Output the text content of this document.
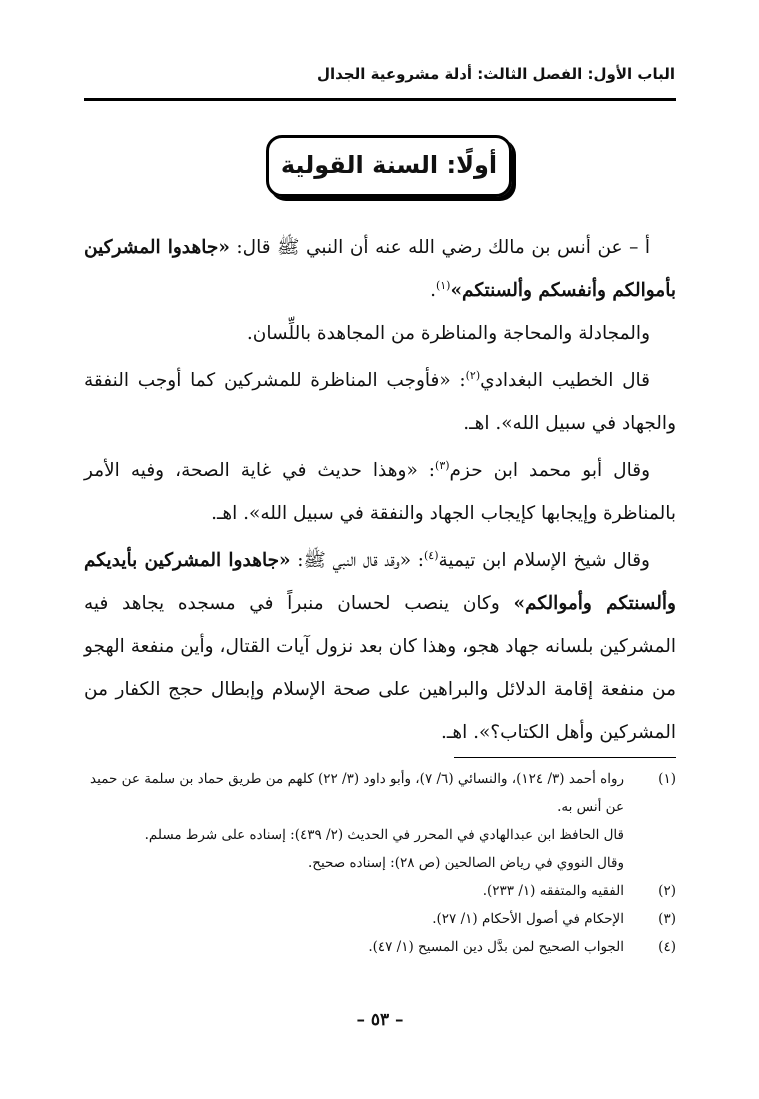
الباب الأول: الفصل الثالث: أدلة مشروعية الجدال
أولًا: السنة القولية

أ – عن أنس بن مالك رضي الله عنه أن النبي ﷺ قال: «جاهدوا المشركين بأموالكم وأنفسكم وألسنتكم»$^{(١)}$.

والمجادلة والمحاجة والمناظرة من المجاهدة باللِّسان.

قال الخطيب البغدادي$^{(٢)}$: «فأوجب المناظرة للمشركين كما أوجب النفقة والجهاد في سبيل الله». اهـ.

وقال أبو محمد ابن حزم$^{(٣)}$: «وهذا حديث في غاية الصحة، وفيه الأمر بالمناظرة وإيجابها كإيجاب الجهاد والنفقة في سبيل الله». اهـ.

وقال شيخ الإسلام ابن تيمية$^{(٤)}$: «وقد قال النبي ﷺ: «جاهدوا المشركين بأيديكم وألسنتكم وأموالكم» وكان ينصب لحسان منبراً في مسجده يجاهد فيه المشركين بلسانه جهاد هجو، وهذا كان بعد نزول آيات القتال، وأين منفعة الهجو من منفعة إقامة الدلائل والبراهين على صحة الإسلام وإبطال حجج الكفار من المشركين وأهل الكتاب؟». اهـ.

(١)
رواه أحمد (٣/ ١٢٤)، والنسائي (٦/ ٧)، وأبو داود (٣/ ٢٢) كلهم من طريق حماد بن سلمة عن حميد عن أنس به.
قال الحافظ ابن عبدالهادي في المحرر في الحديث (٢/ ٤٣٩): إسناده على شرط مسلم.
وقال النووي في رياض الصالحين (ص ٢٨): إسناده صحيح.
(٢)
الفقيه والمتفقه (١/ ٢٣٣).
(٣)
الإحكام في أصول الأحكام (١/ ٢٧).
(٤)
الجواب الصحيح لمن بدَّل دين المسيح (١/ ٤٧).
– ٥٣ –
